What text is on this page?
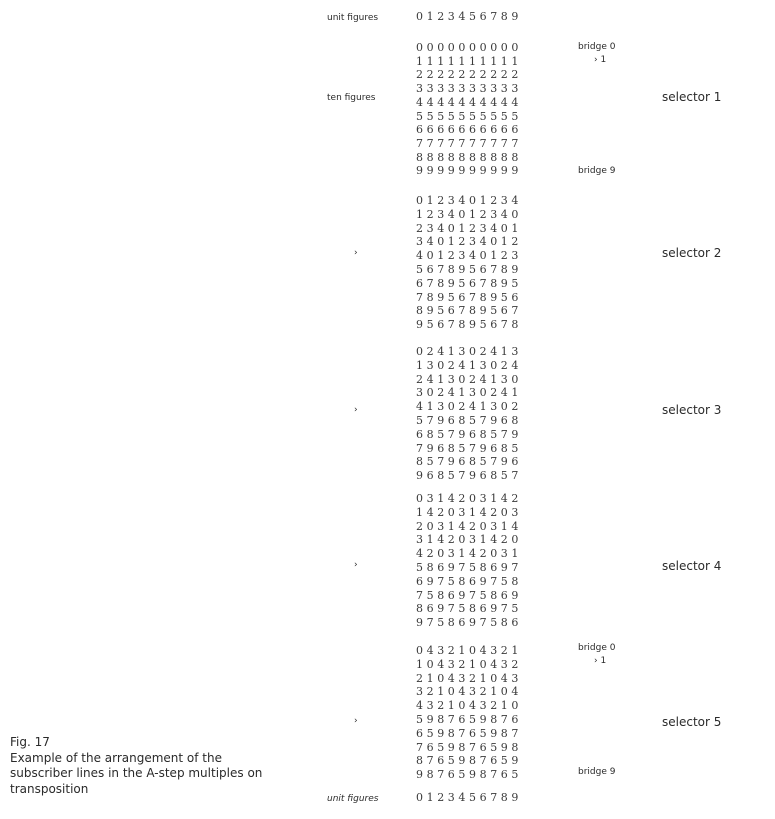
unit figures	0123456789
ten figures
›
›
›
›
0000000000
1111111111
2222222222
3333333333
4444444444
5555555555
6666666666
7777777777
8888888888
9999999999
bridge 0
› 1
bridge 9
selector 1
0123401234
1234012340
2340123401
3401234012
4012340123
5678956789
6789567895
7895678956
8956789567
9567895678
selector 2
0241302413
1302413024
2413024130
3024130241
4130241302
5796857968
6857968579
7968579685
8579685796
9685796857
selector 3
0314203142
1420314203
2031420314
3142031420
4203142031
5869758697
6975869758
7586975869
8697586975
9758697586
selector 4
0432104321
1043210432
2104321043
3210432104
4321043210
5987659876
6598765987
7659876598
8765987659
9876598765
bridge 0
› 1
bridge 9
selector 5
unit figures	0123456789
Fig. 17
Example of the arrangement of the subscriber lines in the A-step multiples on transposition
